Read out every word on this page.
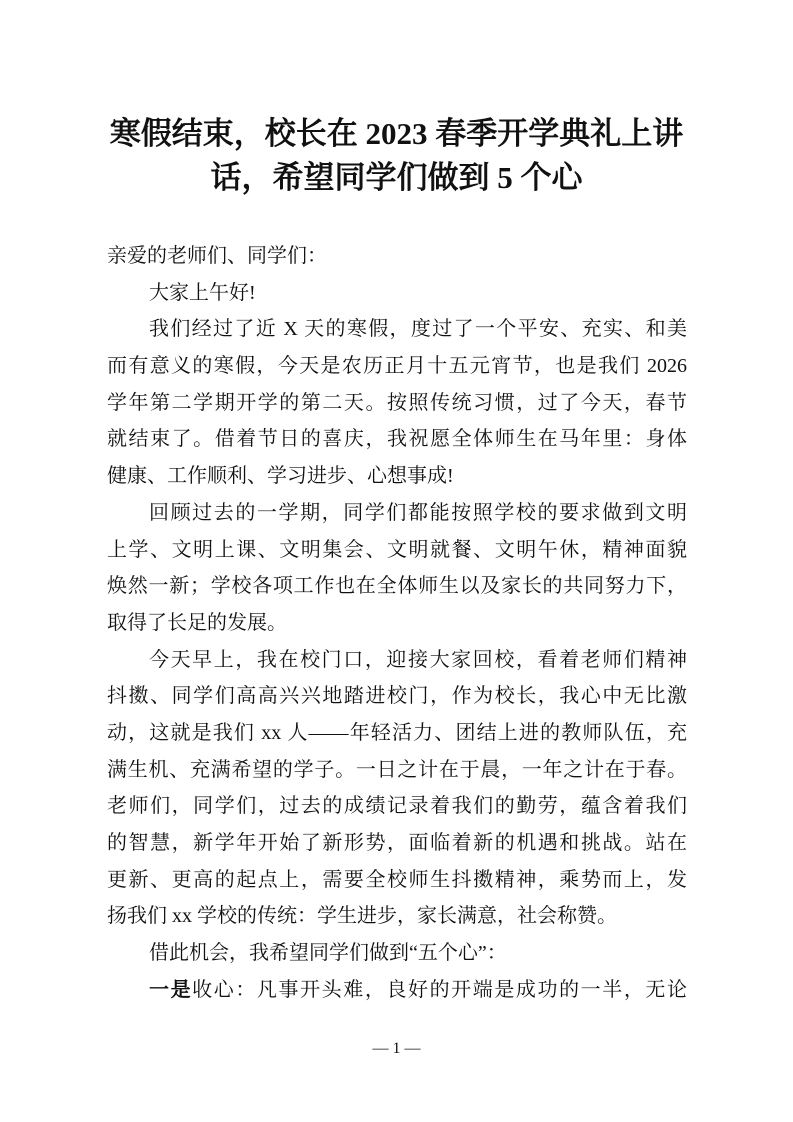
寒假结束，校长在 2023 春季开学典礼上讲
话，希望同学们做到 5 个心
亲爱的老师们、同学们：
大家上午好!
我们经过了近 X 天的寒假，度过了一个平安、充实、和美
而有意义的寒假，今天是农历正月十五元宵节，也是我们 2026
学年第二学期开学的第二天。按照传统习惯，过了今天，春节
就结束了。借着节日的喜庆，我祝愿全体师生在马年里：身体
健康、工作顺利、学习进步、心想事成!
回顾过去的一学期，同学们都能按照学校的要求做到文明
上学、文明上课、文明集会、文明就餐、文明午休，精神面貌
焕然一新；学校各项工作也在全体师生以及家长的共同努力下，
取得了长足的发展。
今天早上，我在校门口，迎接大家回校，看着老师们精神
抖擞、同学们高高兴兴地踏进校门，作为校长，我心中无比激
动，这就是我们 xx 人——年轻活力、团结上进的教师队伍，充
满生机、充满希望的学子。一日之计在于晨，一年之计在于春。
老师们，同学们，过去的成绩记录着我们的勤劳，蕴含着我们
的智慧，新学年开始了新形势，面临着新的机遇和挑战。站在
更新、更高的起点上，需要全校师生抖擞精神，乘势而上，发
扬我们 xx 学校的传统：学生进步，家长满意，社会称赞。
借此机会，我希望同学们做到“五个心”：
一是收心：凡事开头难，良好的开端是成功的一半，无论
— 1 —
